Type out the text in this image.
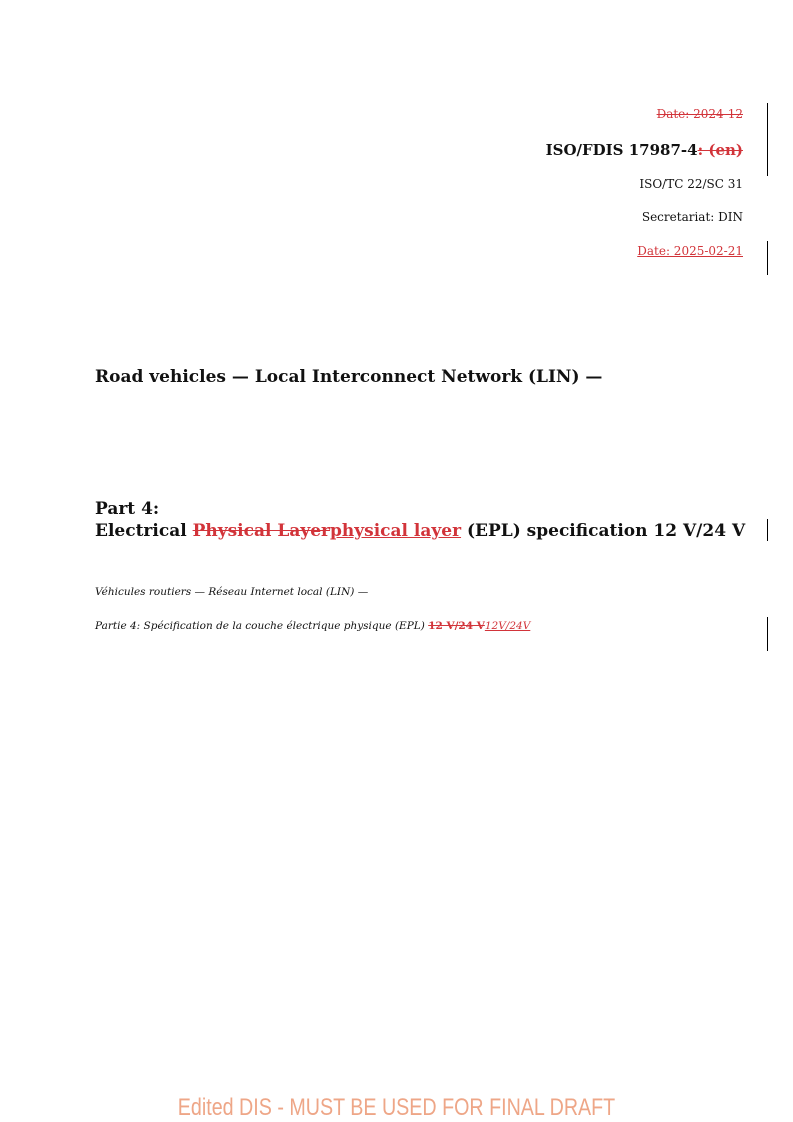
Date: 2024-12
ISO/FDIS 17987-4: (en)
ISO/TC 22/SC 31
Secretariat: DIN
Date: 2025-02-21
Road vehicles — Local Interconnect Network (LIN) —
Part 4:
Electrical Physical Layerphysical layer (EPL) specification 12 V/24 V
Véhicules routiers — Réseau Internet local (LIN) —
Partie 4: Spécification de la couche électrique physique (EPL) 12 V/24 V12V/24V
Edited DIS - MUST BE USED FOR FINAL DRAFT
